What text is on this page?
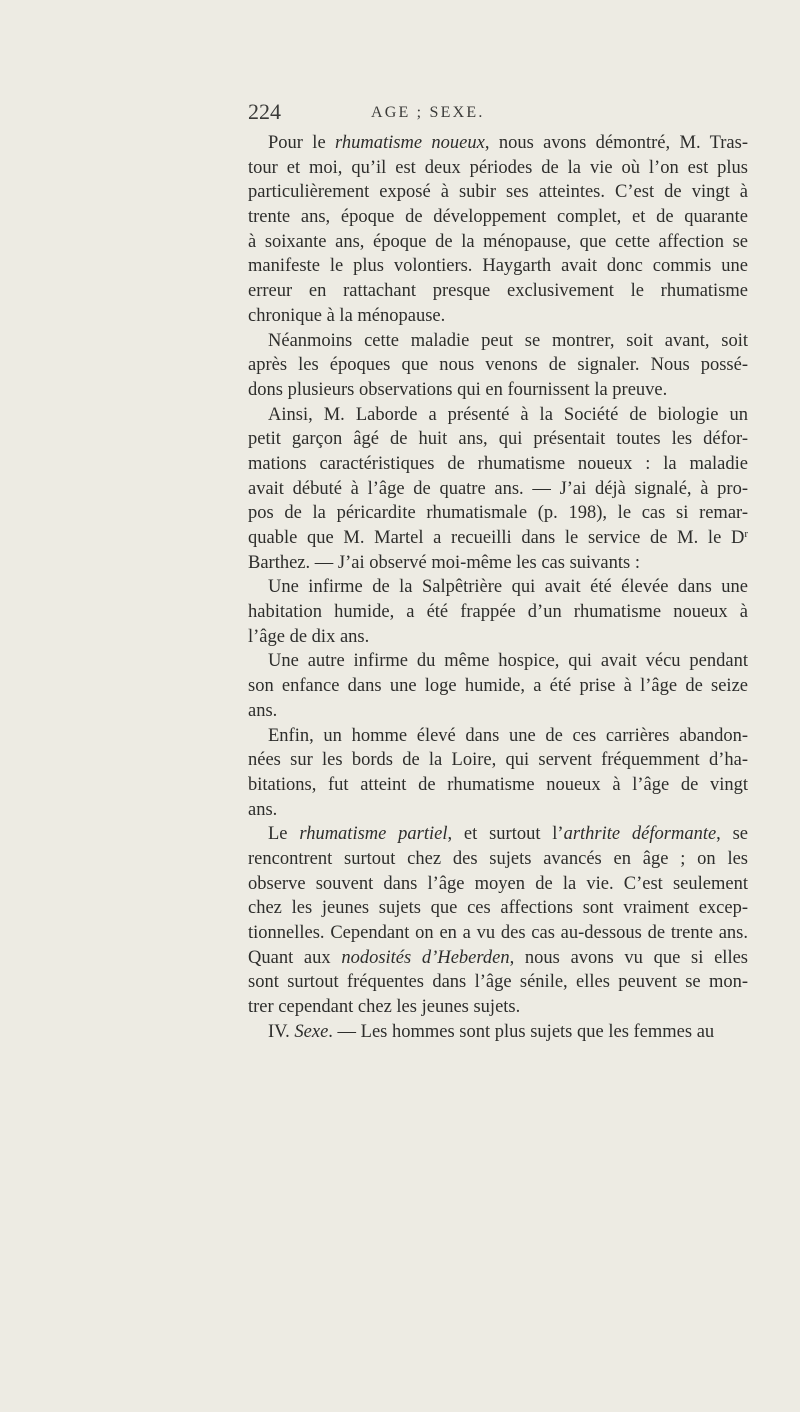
224	AGE ; SEXE.
Pour le rhumatisme noueux, nous avons démontré, M. Tras-
tour et moi, qu’il est deux périodes de la vie où l’on est plus
particulièrement exposé à subir ses atteintes. C’est de vingt à
trente ans, époque de développement complet, et de quarante
à soixante ans, époque de la ménopause, que cette affection se
manifeste le plus volontiers. Haygarth avait donc commis une
erreur en rattachant presque exclusivement le rhumatisme
chronique à la ménopause.
Néanmoins cette maladie peut se montrer, soit avant, soit
après les époques que nous venons de signaler. Nous possé-
dons plusieurs observations qui en fournissent la preuve.
Ainsi, M. Laborde a présenté à la Société de biologie un
petit garçon âgé de huit ans, qui présentait toutes les défor-
mations caractéristiques de rhumatisme noueux : la maladie
avait débuté à l’âge de quatre ans. — J’ai déjà signalé, à pro-
pos de la péricardite rhumatismale (p. 198), le cas si remar-
quable que M. Martel a recueilli dans le service de M. le $D^r$
Barthez. — J’ai observé moi-même les cas suivants :
Une infirme de la Salpêtrière qui avait été élevée dans une
habitation humide, a été frappée d’un rhumatisme noueux à
l’âge de dix ans.
Une autre infirme du même hospice, qui avait vécu pendant
son enfance dans une loge humide, a été prise à l’âge de seize
ans.
Enfin, un homme élevé dans une de ces carrières abandon-
nées sur les bords de la Loire, qui servent fréquemment d’ha-
bitations, fut atteint de rhumatisme noueux à l’âge de vingt
ans.
Le rhumatisme partiel, et surtout l’arthrite déformante, se
rencontrent surtout chez des sujets avancés en âge ; on les
observe souvent dans l’âge moyen de la vie. C’est seulement
chez les jeunes sujets que ces affections sont vraiment excep-
tionnelles. Cependant on en a vu des cas au-dessous de trente ans.
Quant aux nodosités d’Heberden, nous avons vu que si elles
sont surtout fréquentes dans l’âge sénile, elles peuvent se mon-
trer cependant chez les jeunes sujets.
IV. Sexe. — Les hommes sont plus sujets que les femmes au
